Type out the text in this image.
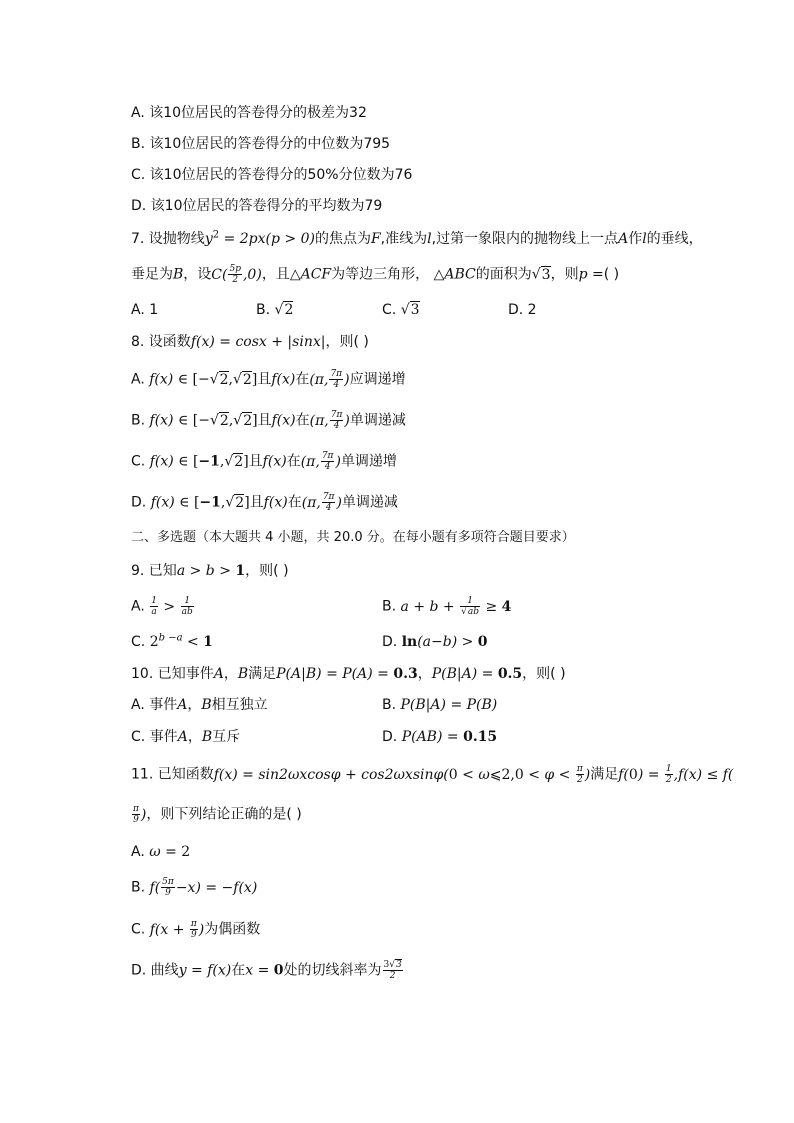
A. 该10位居民的答卷得分的极差为32
B. 该10位居民的答卷得分的中位数为795
C. 该10位居民的答卷得分的50%分位数为76
D. 该10位居民的答卷得分的平均数为79
7. 设抛物线$y^2 = 2px(p > 0)$的焦点为F,准线为l,过第一象限内的抛物线上一点A作l的垂线，
垂足为B，设$C( \frac{5p}{2} ,0)$，且△ACF为等边三角形， △ABC的面积为√3，则p =( )
A. 1	B. √2	C. √3	D. 2
8. 设函数f(x) = cosx + |sinx|，则( )
A. f(x) ∈ [−√2,√2]且f(x)在(π, $\frac{7\pi}{4}$ )应调递增
B. f(x) ∈ [−√2,√2]且f(x)在(π, $\frac{7\pi}{4}$ )单调递减
C. f(x) ∈ [−1,√2]且f(x)在(π, $\frac{7\pi}{4}$ )单调递增
D. f(x) ∈ [−1,√2]且f(x)在(π, $\frac{7\pi}{4}$ )单调递减
二、多选题（本大题共 4 小题，共 20.0 分。在每小题有多项符合题目要求）
9. 已知a > b > 1，则( )
A. $\frac{1}{a} > \frac{1}{ab}$	B. $a + b + \frac{1}{√ab} \ge 4$
C. $2^{b -a} < 1$	D. ln(a−b) > 0
10. 已知事件A，B满足P(A|B) = P(A) = 0.3，P(B|A) = 0.5，则( )
A. 事件A，B相互独立	B. P(B|A) = P(B)
C. 事件A，B互斥	D. P(AB) = 0.15
11. 已知函数f(x) = sin2ωxcosφ + cos2ωxsinφ(0 < ω⩽2,0 < $\varphi < \frac{\pi}{2}$ )满足$f(0) = \frac{1}{2} ,f(x) \le f$(
$\frac{\pi}{9}$ )，则下列结论正确的是( )
A. ω = 2
B. $f( \frac{5\pi}{9} -x) = -f(x)$
C. $f(x + \frac{\pi}{9}$ )为偶函数
D. 曲线y = f(x)在x = 0处的切线斜率为 $\frac{3√3}{2}$
